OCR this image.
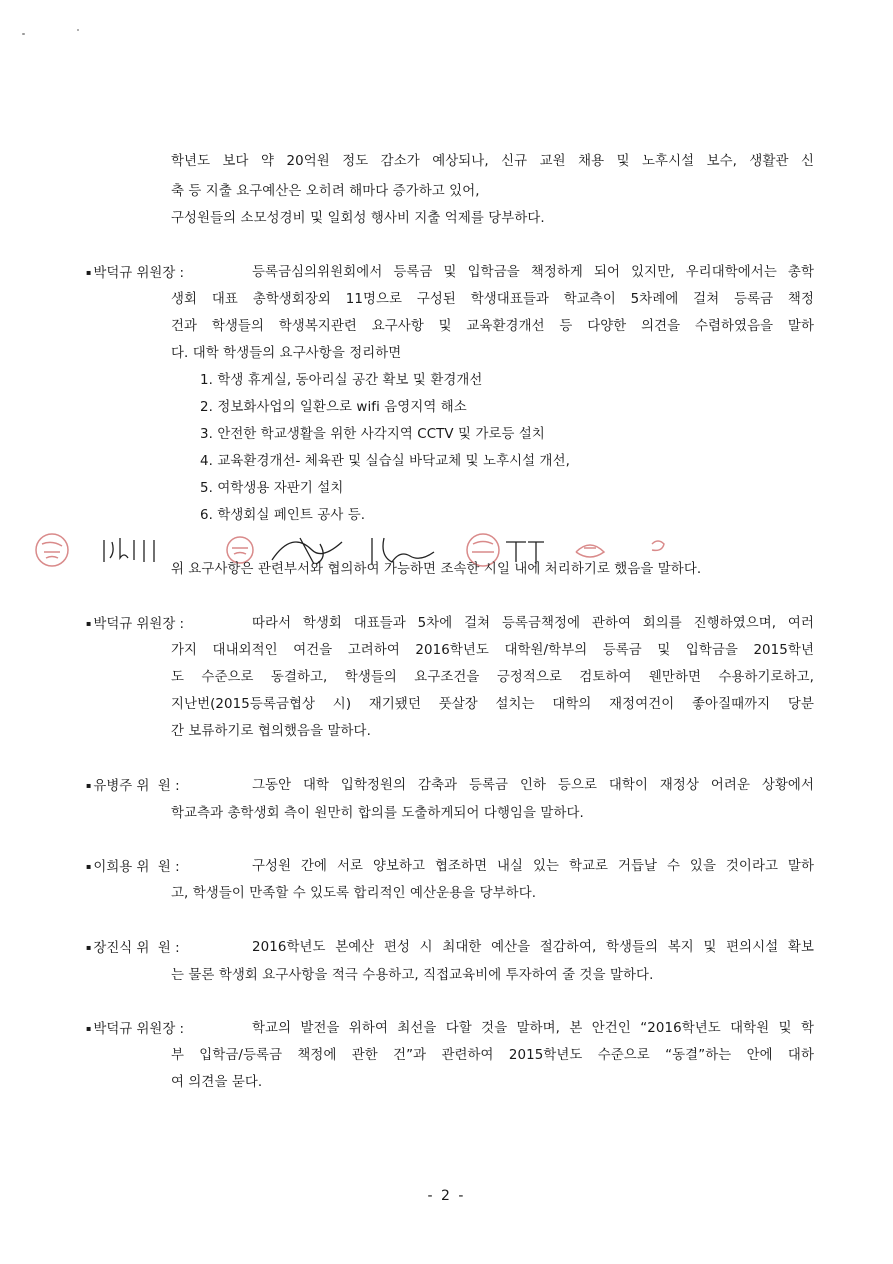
학년도 보다 약 20억원 정도 감소가 예상되나, 신규 교원 채용 및 노후시설 보수, 생활관 신
축 등 지출 요구예산은 오히려 해마다 증가하고 있어,
구성원들의 소모성경비 및 일회성 행사비 지출 억제를 당부하다.
▪ 박덕규 위원장 :	등록금심의위원회에서 등록금 및 입학금을 책정하게 되어 있지만, 우리대학에서는 총학
생회 대표 총학생회장외 11명으로 구성된 학생대표들과 학교측이 5차례에 걸쳐 등록금 책정
건과 학생들의 학생복지관련 요구사항 및 교육환경개선 등 다양한 의견을 수렴하였음을 말하
다. 대학 학생들의 요구사항을 정리하면
1. 학생 휴게실, 동아리실 공간 확보 및 환경개선
2. 정보화사업의 일환으로 wifi 음영지역 해소
3. 안전한 학교생활을 위한 사각지역 CCTV 및 가로등 설치
4. 교육환경개선- 체육관 및 실습실 바닥교체 및 노후시설 개선,
5. 여학생용 자판기 설치
6. 학생회실 페인트 공사 등.
위 요구사항은 관련부서와 협의하여 가능하면 조속한 시일 내에 처리하기로 했음을 말하다.
▪ 박덕규 위원장 :	따라서 학생회 대표들과 5차에 걸쳐 등록금책정에 관하여 회의를 진행하였으며, 여러
가지 대내외적인 여건을 고려하여 2016학년도 대학원/학부의 등록금 및 입학금을 2015학년
도 수준으로 동결하고, 학생들의 요구조건을 긍정적으로 검토하여 웬만하면 수용하기로하고,
지난번(2015등록금협상 시) 재기됐던 풋살장 설치는 대학의 재정여건이 좋아질때까지 당분
간 보류하기로 협의했음을 말하다.
▪ 유병주 위  원 :	그동안 대학 입학정원의 감축과 등록금 인하 등으로 대학이 재정상 어려운 상황에서
학교측과 총학생회 측이 원만히 합의를 도출하게되어 다행임을 말하다.
▪ 이희용 위  원 :	구성원 간에 서로 양보하고 협조하면 내실 있는 학교로 거듭날 수 있을 것이라고 말하
고, 학생들이 만족할 수 있도록 합리적인 예산운용을 당부하다.
▪ 장진식 위  원 :	2016학년도 본예산 편성 시 최대한 예산을 절감하여, 학생들의 복지 및 편의시설 확보
는 물론 학생회 요구사항을 적극 수용하고, 직접교육비에 투자하여 줄 것을 말하다.
▪ 박덕규 위원장 :	학교의 발전을 위하여 최선을 다할 것을 말하며, 본 안건인 “2016학년도 대학원 및 학
부 입학금/등록금 책정에 관한 건”과 관련하여 2015학년도 수준으로 “동결”하는 안에 대하
여 의견을 묻다.
- 2 -
